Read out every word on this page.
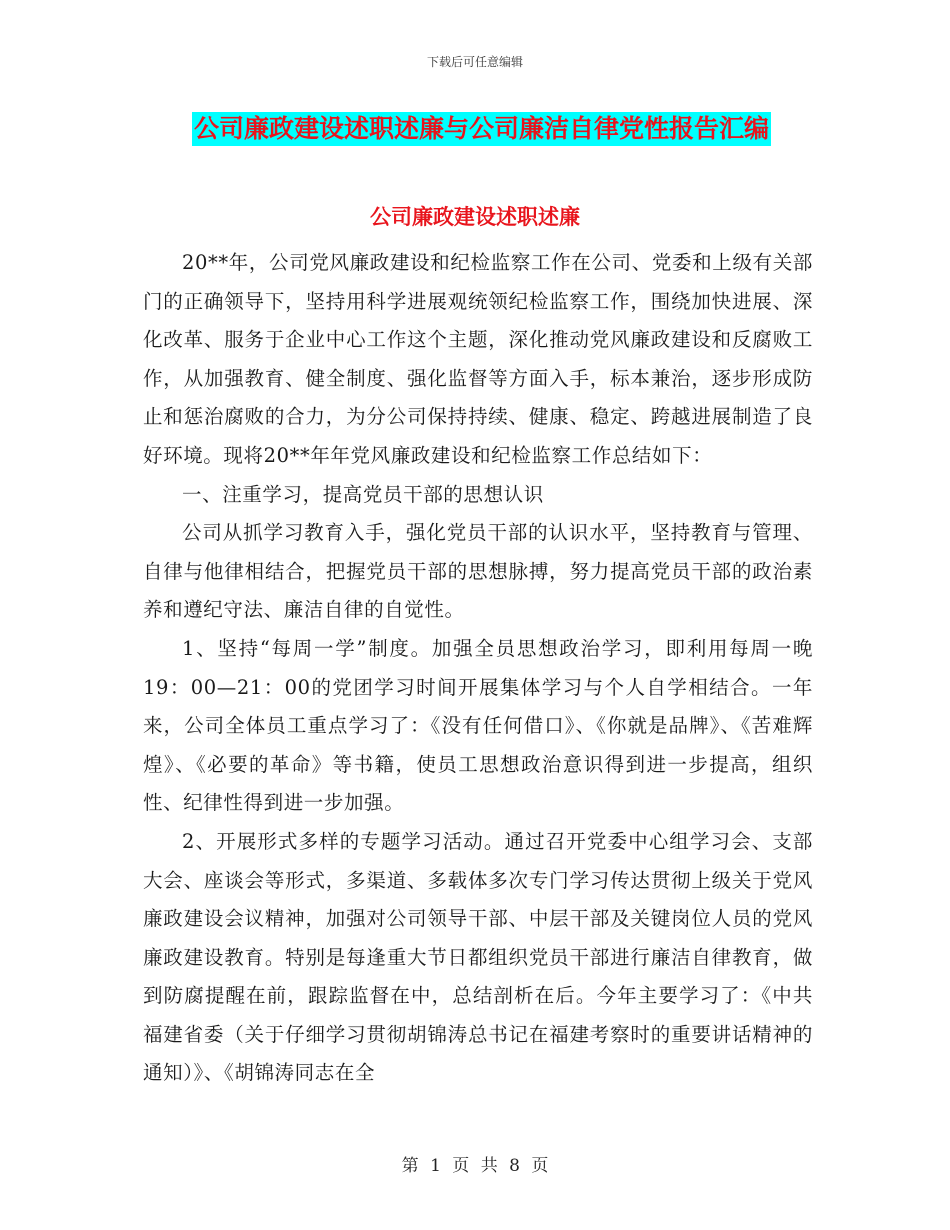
下载后可任意编辑
公司廉政建设述职述廉与公司廉洁自律党性报告汇编
公司廉政建设述职述廉

20**年，公司党风廉政建设和纪检监察工作在公司、党委和上级有关部门的正确领导下，坚持用科学进展观统领纪检监察工作，围绕加快进展、深化改革、服务于企业中心工作这个主题，深化推动党风廉政建设和反腐败工作，从加强教育、健全制度、强化监督等方面入手，标本兼治，逐步形成防止和惩治腐败的合力，为分公司保持持续、健康、稳定、跨越进展制造了良好环境。现将20**年年党风廉政建设和纪检监察工作总结如下：

一、注重学习，提高党员干部的思想认识

公司从抓学习教育入手，强化党员干部的认识水平，坚持教育与管理、自律与他律相结合，把握党员干部的思想脉搏，努力提高党员干部的政治素养和遵纪守法、廉洁自律的自觉性。

1、坚持“每周一学”制度。加强全员思想政治学习，即利用每周一晚19：00—21：00的党团学习时间开展集体学习与个人自学相结合。一年来，公司全体员工重点学习了：《没有任何借口》、《你就是品牌》、《苦难辉煌》、《必要的革命》等书籍，使员工思想政治意识得到进一步提高，组织性、纪律性得到进一步加强。

2、开展形式多样的专题学习活动。通过召开党委中心组学习会、支部大会、座谈会等形式，多渠道、多载体多次专门学习传达贯彻上级关于党风廉政建设会议精神，加强对公司领导干部、中层干部及关键岗位人员的党风廉政建设教育。特别是每逢重大节日都组织党员干部进行廉洁自律教育，做到防腐提醒在前，跟踪监督在中，总结剖析在后。今年主要学习了：《中共福建省委（关于仔细学习贯彻胡锦涛总书记在福建考察时的重要讲话精神的通知）》、《胡锦涛同志在全

第 1 页 共 8 页
